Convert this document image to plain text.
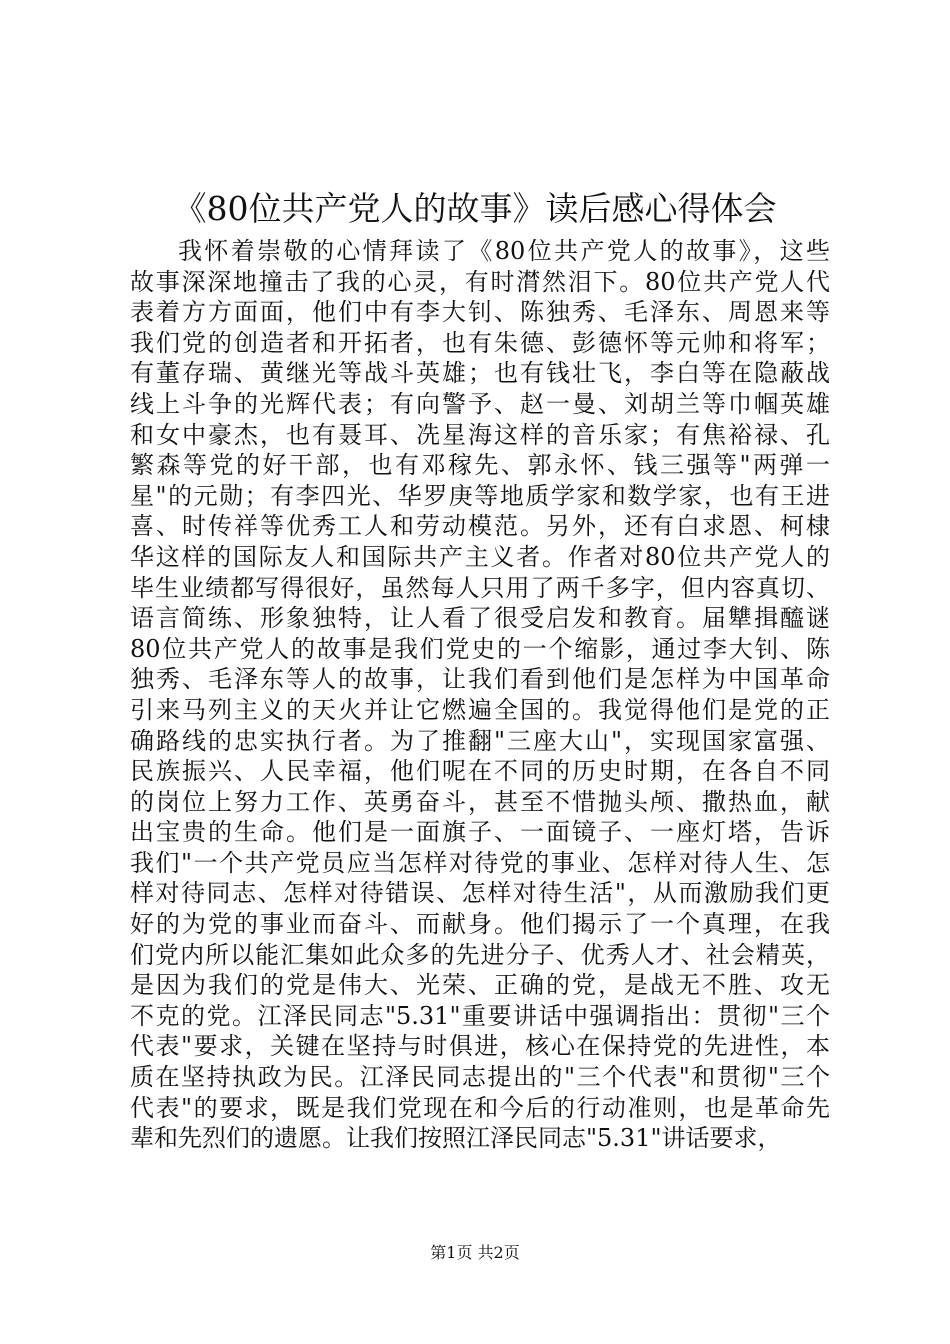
《80位共产党人的故事》读后感心得体会
我怀着崇敬的心情拜读了《80位共产党人的故事》，这些
故事深深地撞击了我的心灵，有时潸然泪下。80位共产党人代
表着方方面面，他们中有李大钊、陈独秀、毛泽东、周恩来等
我们党的创造者和开拓者，也有朱德、彭德怀等元帅和将军；
有董存瑞、黄继光等战斗英雄；也有钱壮飞，李白等在隐蔽战
线上斗争的光辉代表；有向警予、赵一曼、刘胡兰等巾帼英雄
和女中豪杰，也有聂耳、冼星海这样的音乐家；有焦裕禄、孔
繁森等党的好干部，也有邓稼先、郭永怀、钱三强等"两弹一
星"的元勋；有李四光、华罗庚等地质学家和数学家，也有王进
喜、时传祥等优秀工人和劳动模范。另外，还有白求恩、柯棣
华这样的国际友人和国际共产主义者。作者对80位共产党人的
毕生业绩都写得很好，虽然每人只用了两千多字，但内容真切、
语言简练、形象独特，让人看了很受启发和教育。届犨揖醯谜
80位共产党人的故事是我们党史的一个缩影，通过李大钊、陈
独秀、毛泽东等人的故事，让我们看到他们是怎样为中国革命
引来马列主义的天火并让它燃遍全国的。我觉得他们是党的正
确路线的忠实执行者。为了推翻"三座大山"，实现国家富强、
民族振兴、人民幸福，他们呢在不同的历史时期，在各自不同
的岗位上努力工作、英勇奋斗，甚至不惜抛头颅、撒热血，献
出宝贵的生命。他们是一面旗子、一面镜子、一座灯塔，告诉
我们"一个共产党员应当怎样对待党的事业、怎样对待人生、怎
样对待同志、怎样对待错误、怎样对待生活"，从而激励我们更
好的为党的事业而奋斗、而献身。他们揭示了一个真理，在我
们党内所以能汇集如此众多的先进分子、优秀人才、社会精英，
是因为我们的党是伟大、光荣、正确的党，是战无不胜、攻无
不克的党。江泽民同志"5.31"重要讲话中强调指出：贯彻"三个
代表"要求，关键在坚持与时俱进，核心在保持党的先进性，本
质在坚持执政为民。江泽民同志提出的"三个代表"和贯彻"三个
代表"的要求，既是我们党现在和今后的行动准则，也是革命先
辈和先烈们的遗愿。让我们按照江泽民同志"5.31"讲话要求，
第1页 共2页
